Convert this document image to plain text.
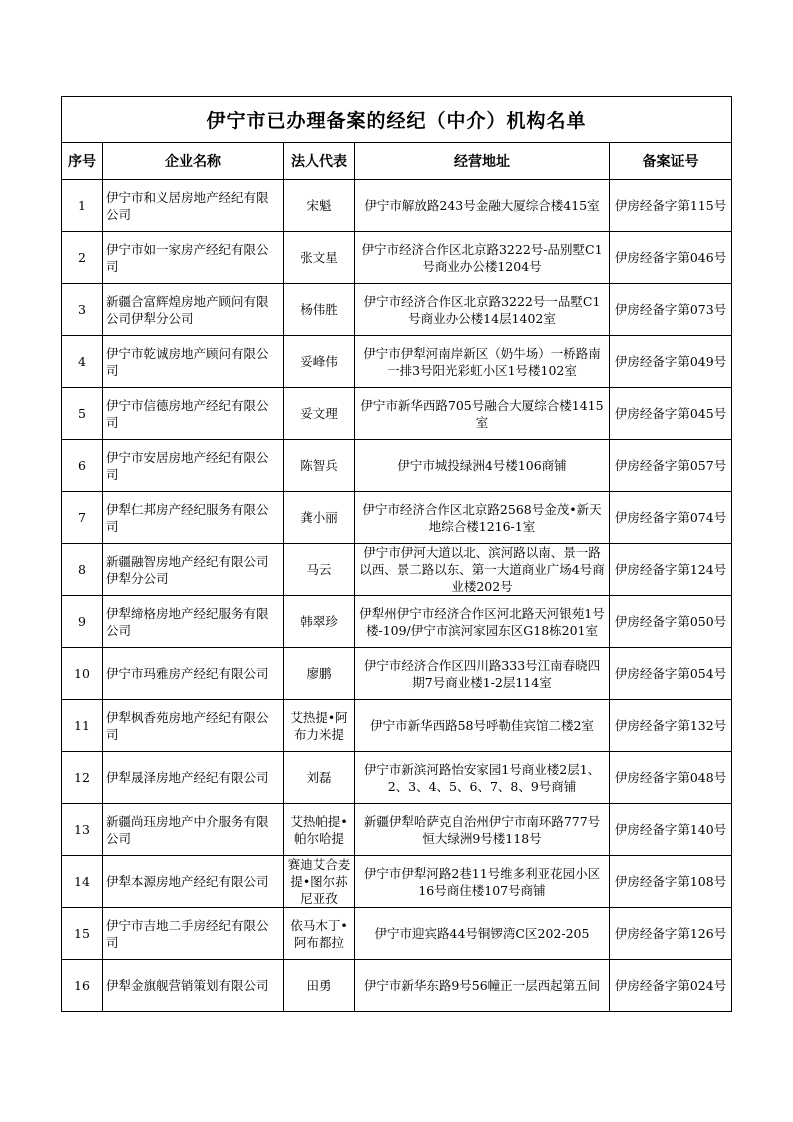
伊宁市已办理备案的经纪（中介）机构名单				
序号	企业名称	法人代表	经营地址	备案证号

1	伊宁市和义居房地产经纪有限公司	宋魁	伊宁市解放路243号金融大厦综合楼415室	伊房经备字第115号

2	伊宁市如一家房产经纪有限公司	张文星	伊宁市经济合作区北京路3222号-品别墅C1号商业办公楼1204号	伊房经备字第046号

3	新疆合富辉煌房地产顾问有限公司伊犁分公司	杨伟胜	伊宁市经济合作区北京路3222号一品墅C1号商业办公楼14层1402室	伊房经备字第073号

4	伊宁市乾诚房地产顾问有限公司	妥峰伟	伊宁市伊犁河南岸新区（奶牛场）一桥路南一排3号阳光彩虹小区1号楼102室	伊房经备字第049号

5	伊宁市信德房地产经纪有限公司	妥文理	伊宁市新华西路705号融合大厦综合楼1415室	伊房经备字第045号

6	伊宁市安居房地产经纪有限公司	陈智兵	伊宁市城投绿洲4号楼106商铺	伊房经备字第057号

7	伊犁仁邦房产经纪服务有限公司	龚小丽	伊宁市经济合作区北京路2568号金茂•新天地综合楼1216-1室	伊房经备字第074号

8	新疆融智房地产经纪有限公司伊犁分公司	马云	伊宁市伊河大道以北、滨河路以南、景一路以西、景二路以东、第一大道商业广场4号商业楼202号	伊房经备字第124号

9	伊犁缔格房地产经纪服务有限公司	韩翠珍	伊犁州伊宁市经济合作区河北路天河银苑1号楼-109/伊宁市滨河家园东区G18栋201室	伊房经备字第050号

10	伊宁市玛雅房产经纪有限公司	廖鹏	伊宁市经济合作区四川路333号江南春晓四期7号商业楼1-2层114室	伊房经备字第054号

11	伊犁枫香苑房地产经纪有限公司	艾热提•阿布力米提	伊宁市新华西路58号呼勒佳宾馆二楼2室	伊房经备字第132号

12	伊犁晟泽房地产经纪有限公司	刘磊	伊宁市新滨河路怡安家园1号商业楼2层1、2、3、4、5、6、7、8、9号商铺	伊房经备字第048号

13	新疆尚珏房地产中介服务有限公司	艾热帕提•帕尔哈提	新疆伊犁哈萨克自治州伊宁市南环路777号恒大绿洲9号楼118号	伊房经备字第140号

14	伊犁本源房地产经纪有限公司	赛迪艾合麦提•图尔荪尼亚孜	伊宁市伊犁河路2巷11号维多利亚花园小区16号商住楼107号商铺	伊房经备字第108号

15	伊宁市吉地二手房经纪有限公司	依马木丁•阿布都拉	伊宁市迎宾路44号铜锣湾C区202-205	伊房经备字第126号

16	伊犁金旗舰营销策划有限公司	田勇	伊宁市新华东路9号56幢正一层西起第五间	伊房经备字第024号
